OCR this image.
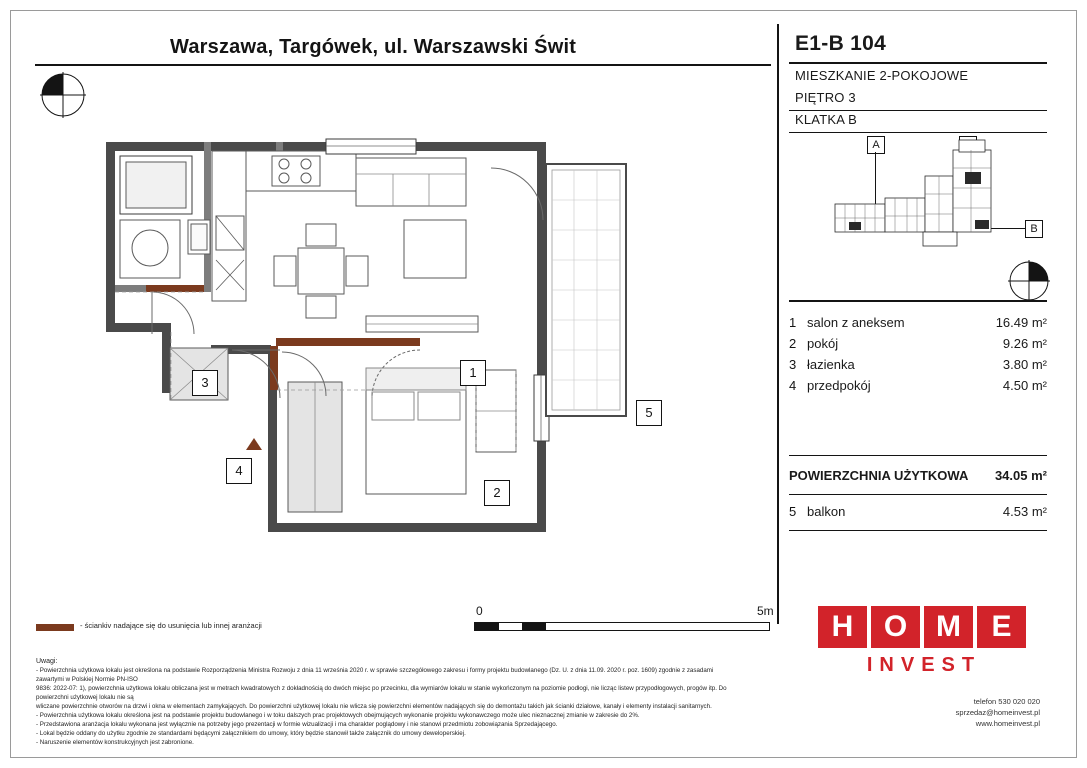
Warszawa, Targówek, ul. Warszawski Świt	E1-B 104
MIESZKANIE 2-POKOJOWE
PIĘTRO 3
KLATKA B
A
B
1 salon z aneksem	16.49 m²
2 pokój	9.26 m²
3 łazienka	3.80 m²
4 przedpokój	4.50 m²
POWIERZCHNIA UŻYTKOWA	34.05 m²
5 balkon	4.53 m²
H	O M	E
INVEST
telefon 530 020 020
sprzedaz@homeinvest.pl
www.homeinvest.pl
0	5m
- ściankiv nadające się do usunięcia lub innej aranżacji
Uwagi:
- Powierzchnia użytkowa lokalu jest określona na podstawie Rozporządzenia Ministra Rozwoju z dnia 11 września 2020 r. w sprawie szczegółowego zakresu i formy projektu budowlanego (Dz. U. z dnia 11.09. 2020 r. poz. 1609) zgodnie z zasadami zawartymi w Polskiej Normie PN-ISO
9836: 2022-07: 1), powierzchnia użytkowa lokalu obliczana jest w metrach kwadratowych z dokładnością do dwóch miejsc po przecinku, dla wymiarów lokalu w stanie wykończonym na poziomie podłogi, nie licząc listew przypodłogowych, progów itp. Do powierzchni użytkowej lokalu nie są
wliczane powierzchnie otworów na drzwi i okna w elementach zamykających. Do powierzchni użytkowej lokalu nie wlicza się powierzchni elementów nadających się do demontażu takich jak ścianki działowe, kanały i elementy instalacji sanitarnych.
- Powierzchnia użytkowa lokalu określona jest na podstawie projektu budowlanego i w toku dalszych prac projektowych obejmujących wykonanie projektu wykonawczego może ulec nieznacznej zmianie w zakresie do 2%.
- Przedstawiona aranżacja lokalu wykonana jest wyłącznie na potrzeby jego prezentacji w formie wizualizacji i ma charakter poglądowy i nie stanowi przedmiotu zobowiązania Sprzedającego.
- Lokal będzie oddany do użytku zgodnie ze standardami będącymi załącznikiem do umowy, który będzie stanowił także załącznik do umowy deweloperskiej.
- Naruszenie elementów konstrukcyjnych jest zabronione.
1
2
3
4
5
